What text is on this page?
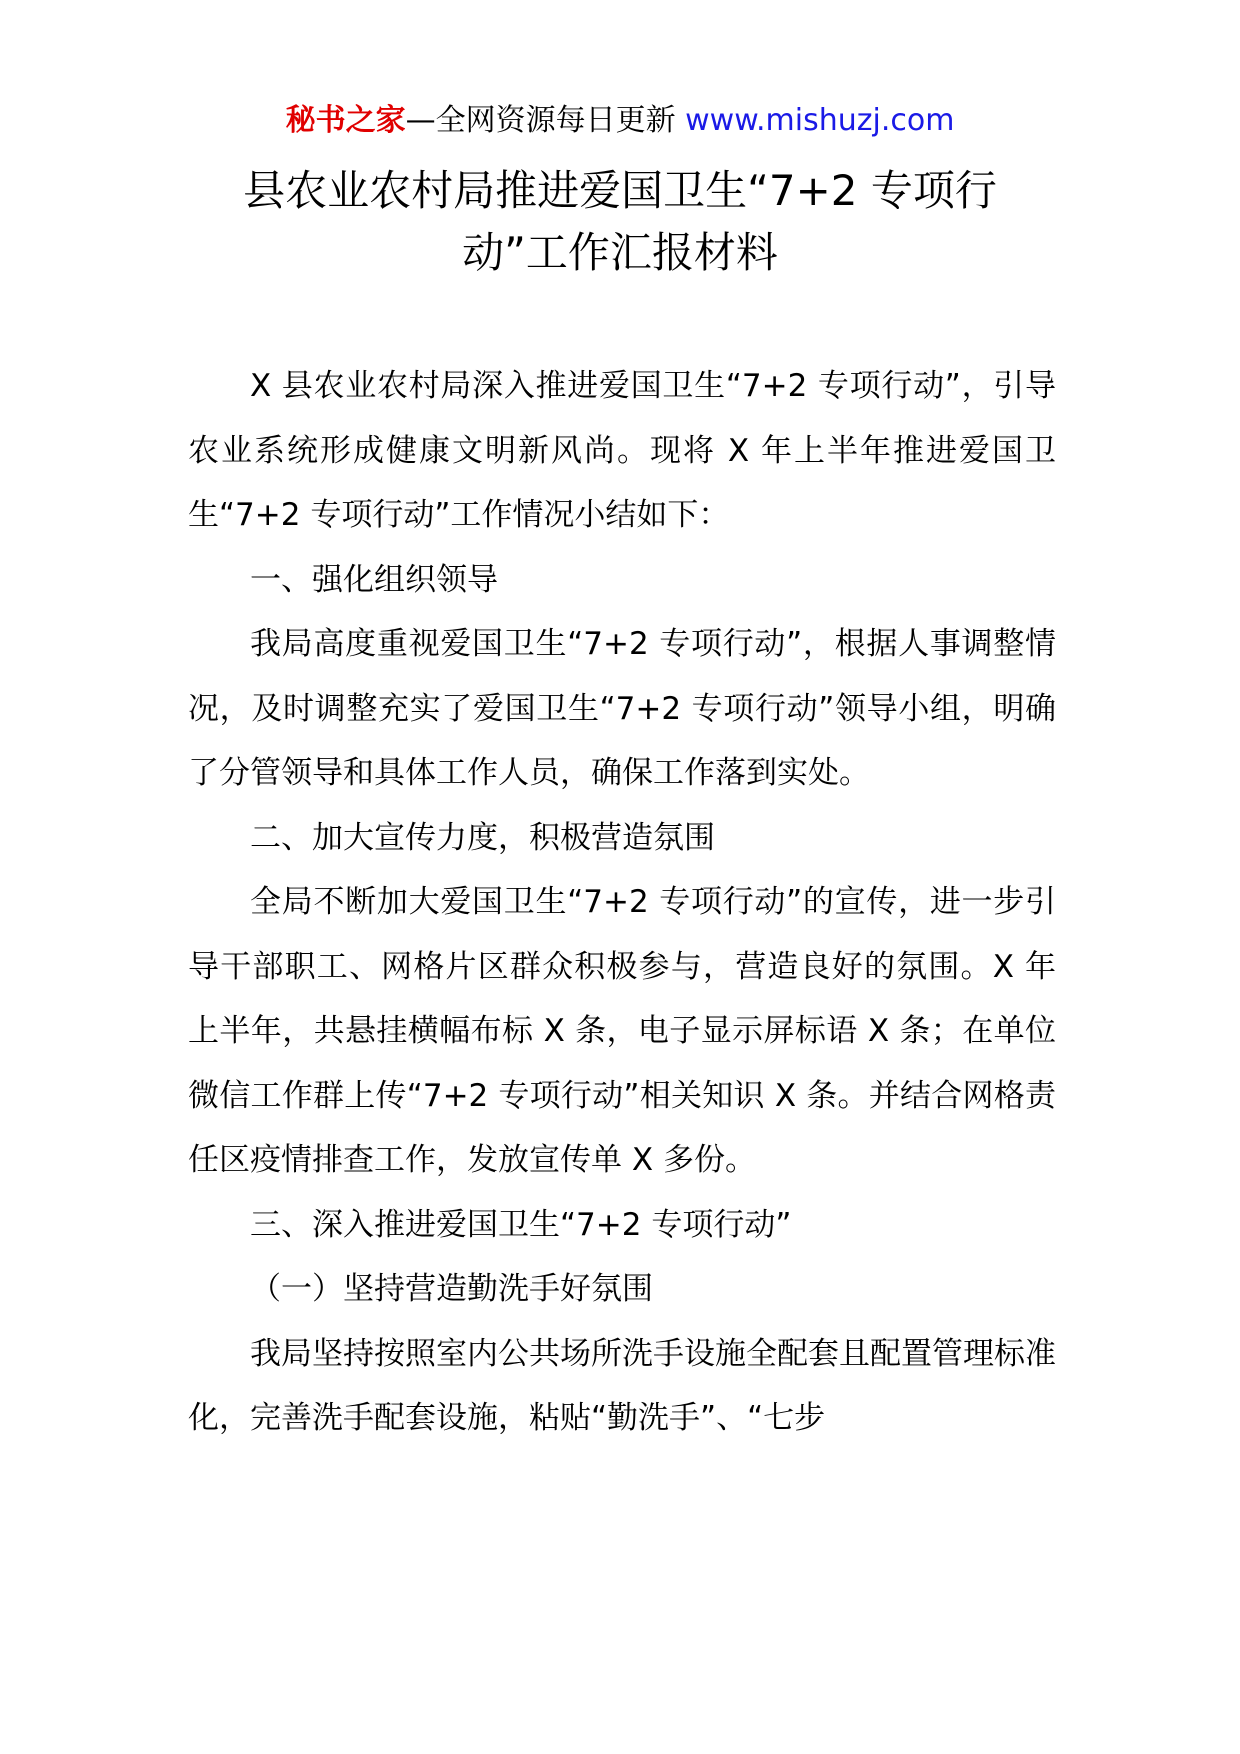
秘书之家—全网资源每日更新 www.mishuzj.com
县农业农村局推进爱国卫生“7+2 专项行
动”工作汇报材料

X 县农业农村局深入推进爱国卫生“7+2 专项行动”，引导农业系统形成健康文明新风尚。现将 X 年上半年推进爱国卫生“7+2 专项行动”工作情况小结如下：

一、强化组织领导

我局高度重视爱国卫生“7+2 专项行动”，根据人事调整情况，及时调整充实了爱国卫生“7+2 专项行动”领导小组，明确了分管领导和具体工作人员，确保工作落到实处。

二、加大宣传力度，积极营造氛围

全局不断加大爱国卫生“7+2 专项行动”的宣传，进一步引导干部职工、网格片区群众积极参与，营造良好的氛围。X 年上半年，共悬挂横幅布标 X 条，电子显示屏标语 X 条；在单位微信工作群上传“7+2 专项行动”相关知识 X 条。并结合网格责任区疫情排查工作，发放宣传单 X 多份。

三、深入推进爱国卫生“7+2 专项行动”

（一）坚持营造勤洗手好氛围

我局坚持按照室内公共场所洗手设施全配套且配置管理标准化，完善洗手配套设施，粘贴“勤洗手”、“七步
